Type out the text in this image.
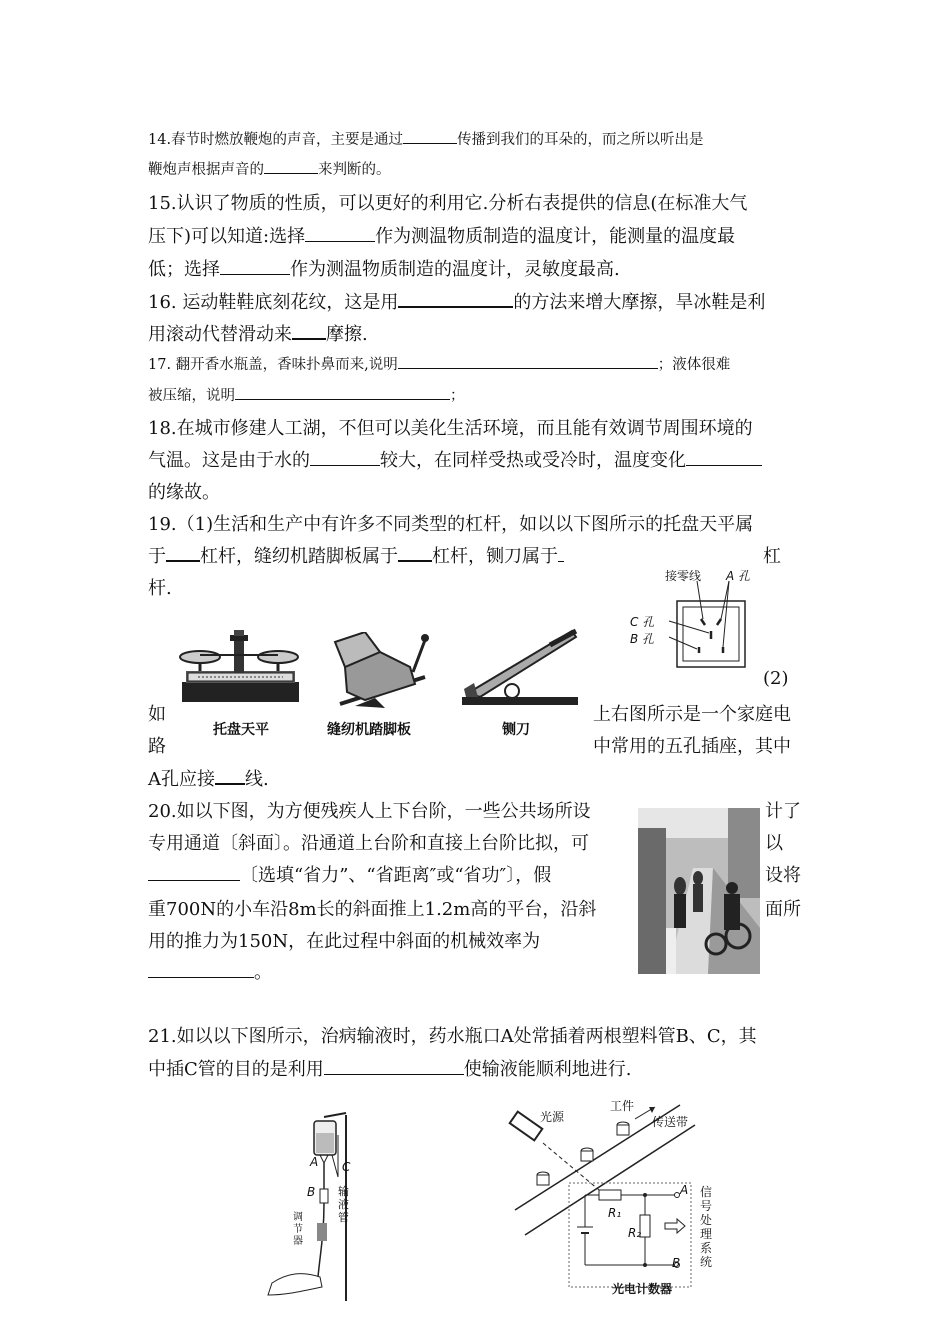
14.春节时燃放鞭炮的声音，主要是通过	传播到我们的耳朵的，而之所以听出是
鞭炮声根据声音的	来判断的。
15.认识了物质的性质，可以更好的利用它.分析右表提供的信息(在标准大气
压下)可以知道:选择	作为测温物质制造的温度计，能测量的温度最
低；选择	作为测温物质制造的温度计，灵敏度最高.
16. 运动鞋鞋底刻花纹，这是用	的方法来增大摩擦，旱冰鞋是利
用滚动代替滑动来 摩擦.
17. 翻开香水瓶盖，香味扑鼻而来,说明	；液体很难
被压缩，说明	；
18.在城市修建人工湖，不但可以美化生活环境，而且能有效调节周围环境的
气温。这是由于水的	较大，在同样受热或受冷时，温度变化
的缘故。
19.（1)生活和生产中有许多不同类型的杠杆，如以以下图所示的托盘天平属
于 杠杆，缝纫机踏脚板属于 杠杆，铡刀属于	杠
杆.
托盘天平	缝纫机踏脚板	铡刀
接零线 A 孔
C 孔
B 孔
(2)
如	上右图所示是一个家庭电
路	中常用的五孔插座，其中
A孔应接 线.
20.如以下图，为方便残疾人上下台阶，一些公共场所设	计了
专用通道〔斜面〕。沿通道上台阶和直接上台阶比拟，可	以
〔选填“省力”、“省距离″或“省功″〕，假	设将
重700N的小车沿8m长的斜面推上1.2m高的平台，沿斜	面所
用的推力为150N，在此过程中斜面的机械效率为
。
21.如以以下图所示，治病输液时，药水瓶口A处常插着两根塑料管B、C，其
中插C管的目的是利用	使输液能顺利地进行.
A C
B 输液管
调节器
光源
工件
传送带
R₁
R₂
A
B
信号处理系统
光电计数器
